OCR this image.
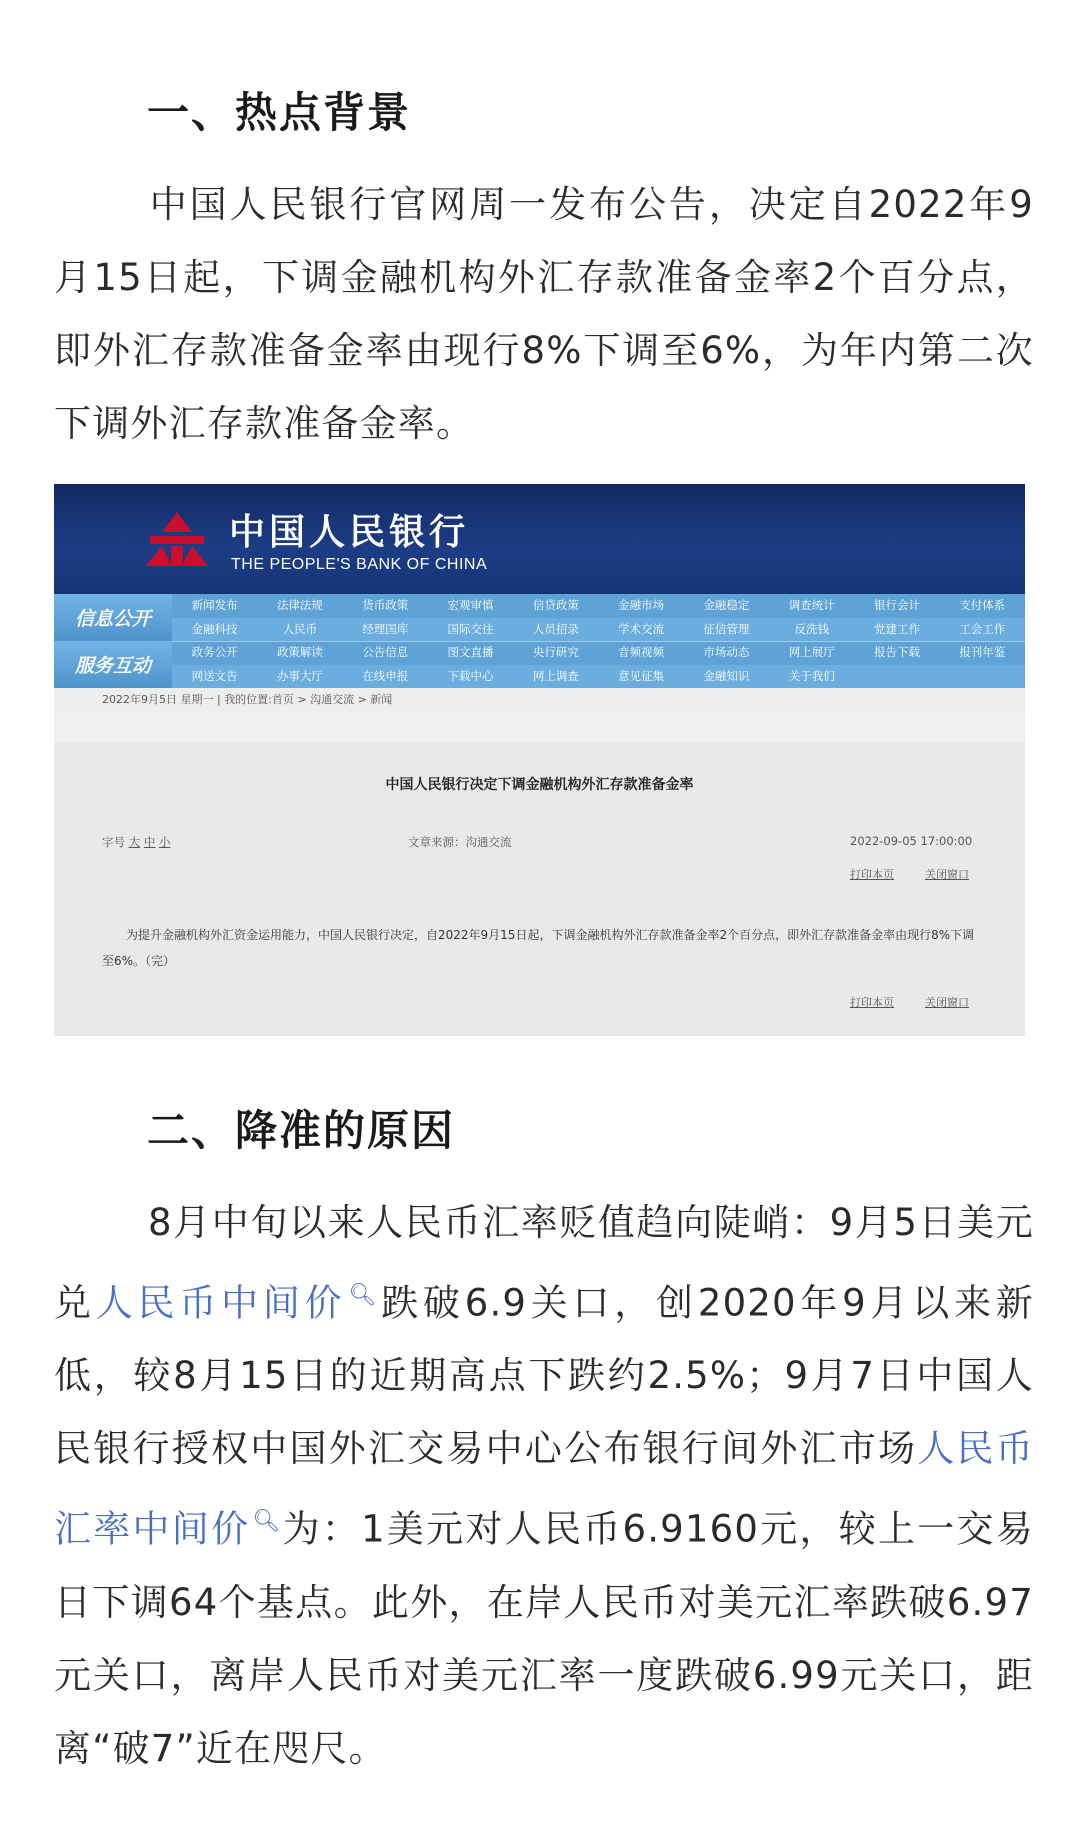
一、热点背景
中国人民银行官网周一发布公告，决定自2022年9月15日起，下调金融机构外汇存款准备金率2个百分点，即外汇存款准备金率由现行8%下调至6%，为年内第二次下调外汇存款准备金率。
中国人民银行
THE PEOPLE'S BANK OF CHINA
信息公开
服务互动
新闻发布	法律法规	货币政策	宏观审慎	信贷政策	金融市场	金融稳定	调查统计	银行会计	支付体系
金融科技	人民币	经理国库	国际交往	人员招录	学术交流	征信管理	反洗钱	党建工作	工会工作
政务公开	政策解读	公告信息	图文直播	央行研究	音频视频	市场动态	网上展厅	报告下载	报刊年鉴
网送文告	办事大厅	在线申报	下载中心	网上调查	意见征集	金融知识	关于我们
2022年9月5日 星期一 | 我的位置:首页 > 沟通交流 > 新闻
中国人民银行决定下调金融机构外汇存款准备金率
字号 大 中 小	文章来源：沟通交流	2022-09-05 17:00:00
打印本页	关闭窗口
为提升金融机构外汇资金运用能力，中国人民银行决定，自2022年9月15日起，下调金融机构外汇存款准备金率2个百分点，即外汇存款准备金率由现行8%下调至6%。（完）
打印本页	关闭窗口
二、降准的原因
8月中旬以来人民币汇率贬值趋向陡峭：9月5日美元兑人民币中间价🔍︎跌破6.9关口，创2020年9月以来新低，较8月15日的近期高点下跌约2.5%；9月7日中国人民银行授权中国外汇交易中心公布银行间外汇市场人民币汇率中间价🔍︎为：1美元对人民币6.9160元，较上一交易日下调64个基点。此外，在岸人民币对美元汇率跌破6.97元关口，离岸人民币对美元汇率一度跌破6.99元关口，距离“破7”近在咫尺。
